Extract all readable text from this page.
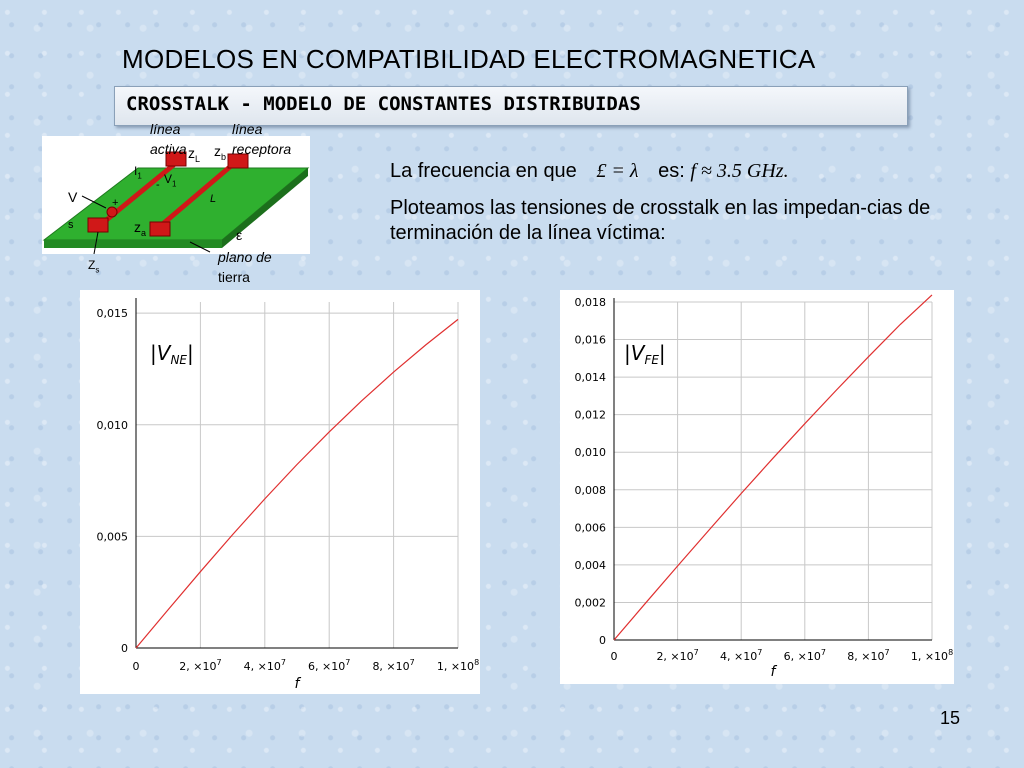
MODELOS EN COMPATIBILIDAD ELECTROMAGNETICA
CROSSTALK - MODELO DE CONSTANTES DISTRIBUIDAS
línea
activa
línea
receptora
$z_L$ $z_b$
$I_1$ $V_1$
-
+
V
s	$z_a$
L
ε
$Z_s$
plano de
tierra
La frecuencia en que £ = λ es: f ≈ 3.5 GHz.
Ploteamos las tensiones de crosstalk en las impedan-cias de terminación de la línea víctima:
0	2, $\times 10^7$ 4, $\times 10^7$ 6, $\times 10^7$ 8, $\times 10^7$ 1, $\times 10^8$
0
0,005
0,010
0,015
$|V_{NE}|$
f
0	2, $\times 10^7$ 4, $\times 10^7$ 6, $\times 10^7$ 8, $\times 10^7$ 1, $\times 10^8$
0
0,002
0,004
0,006
0,008
0,010
0,012
0,014
0,016
0,018
$|V_{FE}|$
f
15
